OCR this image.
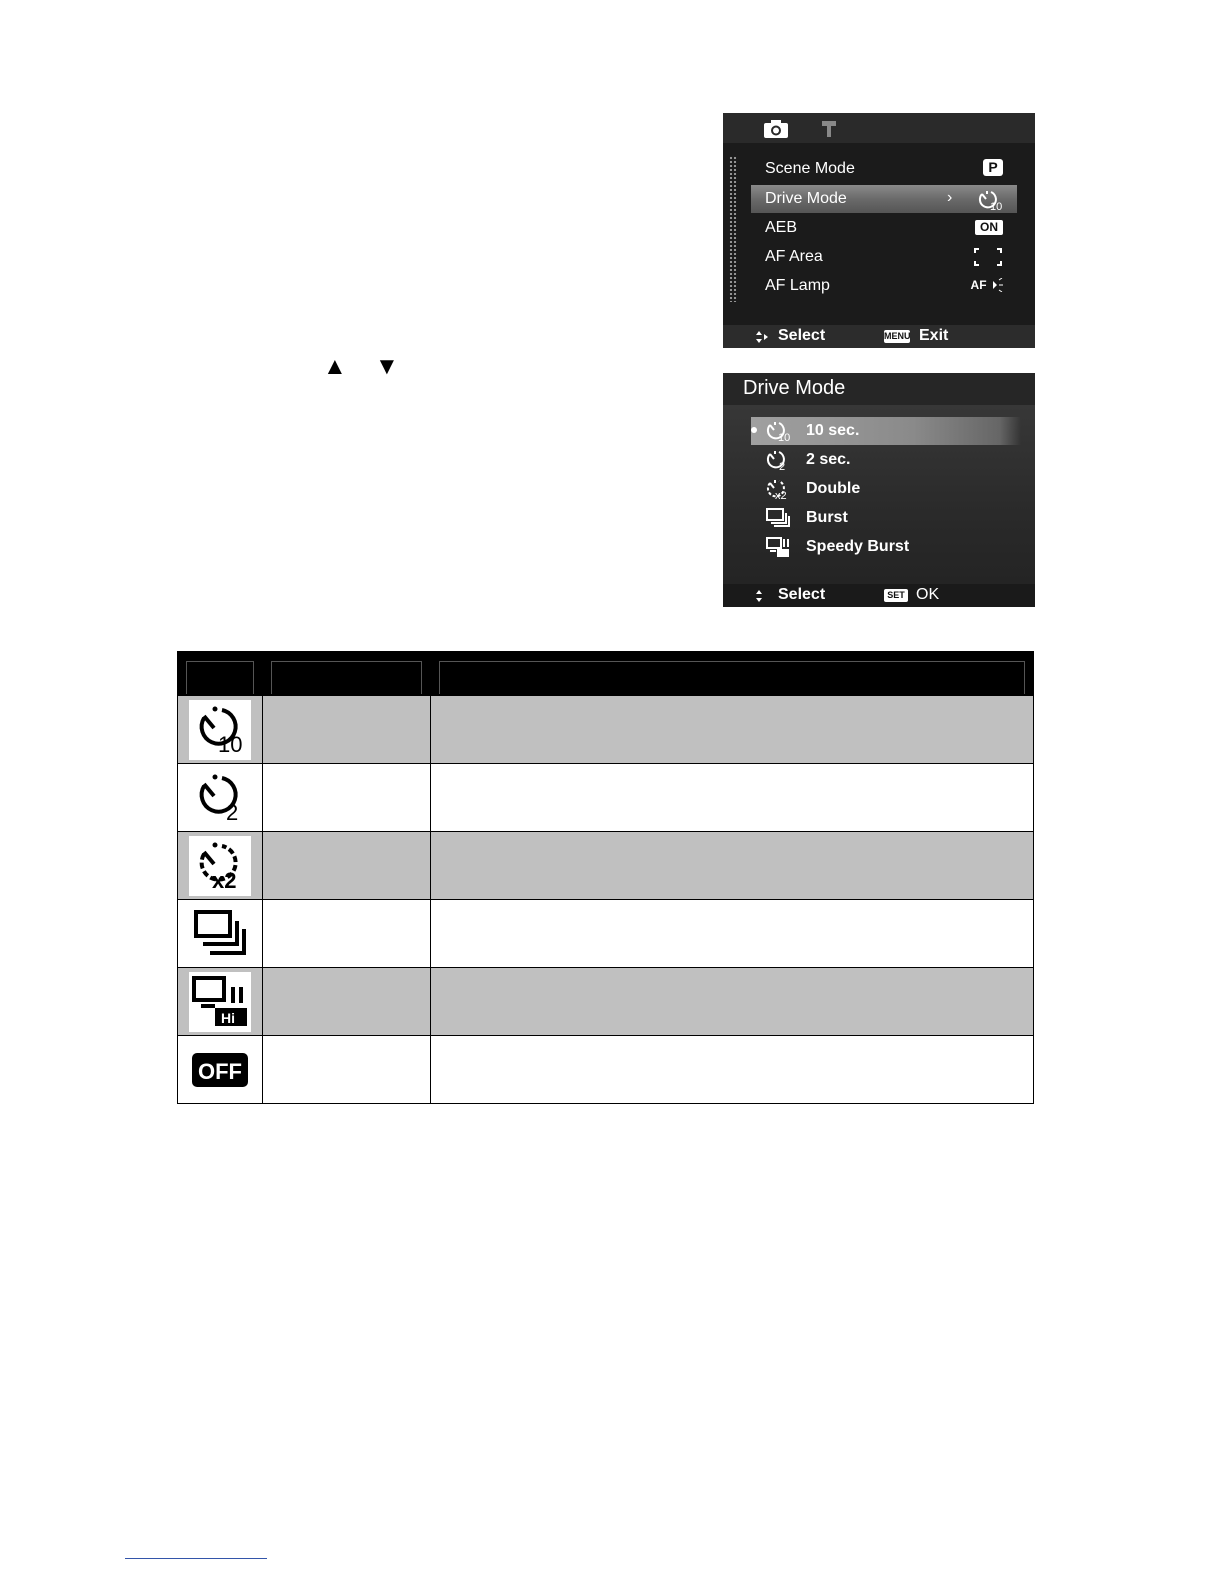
Scene Mode	P
Drive Mode	›
10
AEB	ON
AF Area
AF Lamp	AF
Select	MENU Exit
▲ ▼
Drive Mode
10 10 sec.
2 2 sec.
x2 Double
Burst
Speedy Burst
Select	SET OK

10		

2		

x2		

Hi		

OFF		
